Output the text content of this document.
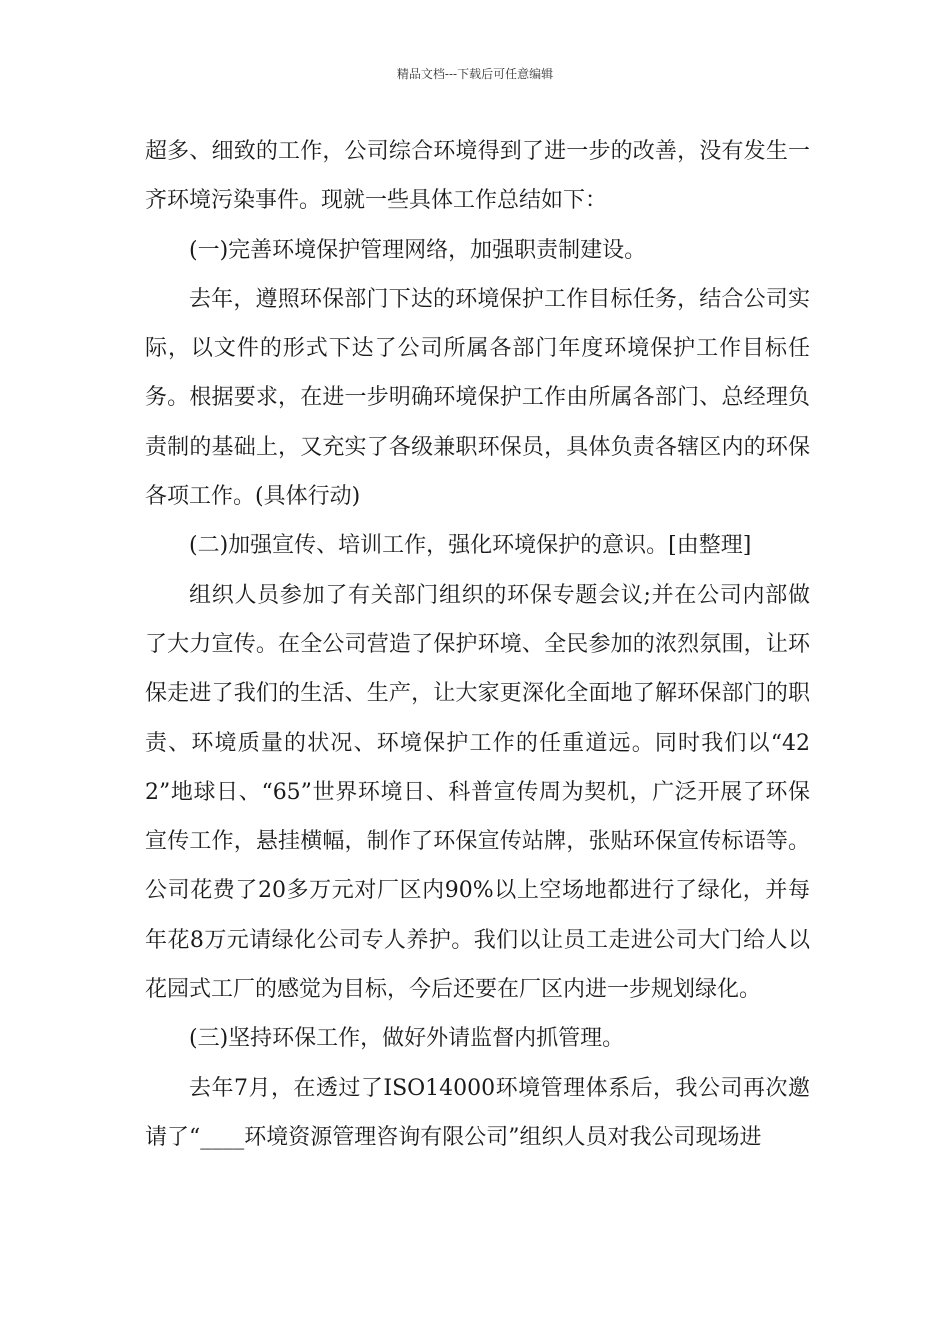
精品文档---下载后可任意编辑

超多、细致的工作，公司综合环境得到了进一步的改善，没有发生一齐环境污染事件。现就一些具体工作总结如下：

(一)完善环境保护管理网络，加强职责制建设。

去年，遵照环保部门下达的环境保护工作目标任务，结合公司实际，以文件的形式下达了公司所属各部门年度环境保护工作目标任务。根据要求，在进一步明确环境保护工作由所属各部门、总经理负责制的基础上，又充实了各级兼职环保员，具体负责各辖区内的环保各项工作。(具体行动)

(二)加强宣传、培训工作，强化环境保护的意识。[由整理]

组织人员参加了有关部门组织的环保专题会议;并在公司内部做了大力宣传。在全公司营造了保护环境、全民参加的浓烈氛围，让环保走进了我们的生活、生产，让大家更深化全面地了解环保部门的职责、环境质量的状况、环境保护工作的任重道远。同时我们以“422”地球日、“65”世界环境日、科普宣传周为契机，广泛开展了环保宣传工作，悬挂横幅，制作了环保宣传站牌，张贴环保宣传标语等。公司花费了20多万元对厂区内90%以上空场地都进行了绿化，并每年花8万元请绿化公司专人养护。我们以让员工走进公司大门给人以花园式工厂的感觉为目标，今后还要在厂区内进一步规划绿化。

(三)坚持环保工作，做好外请监督内抓管理。

去年7月，在透过了ISO14000环境管理体系后，我公司再次邀请了“____环境资源管理咨询有限公司”组织人员对我公司现场进
